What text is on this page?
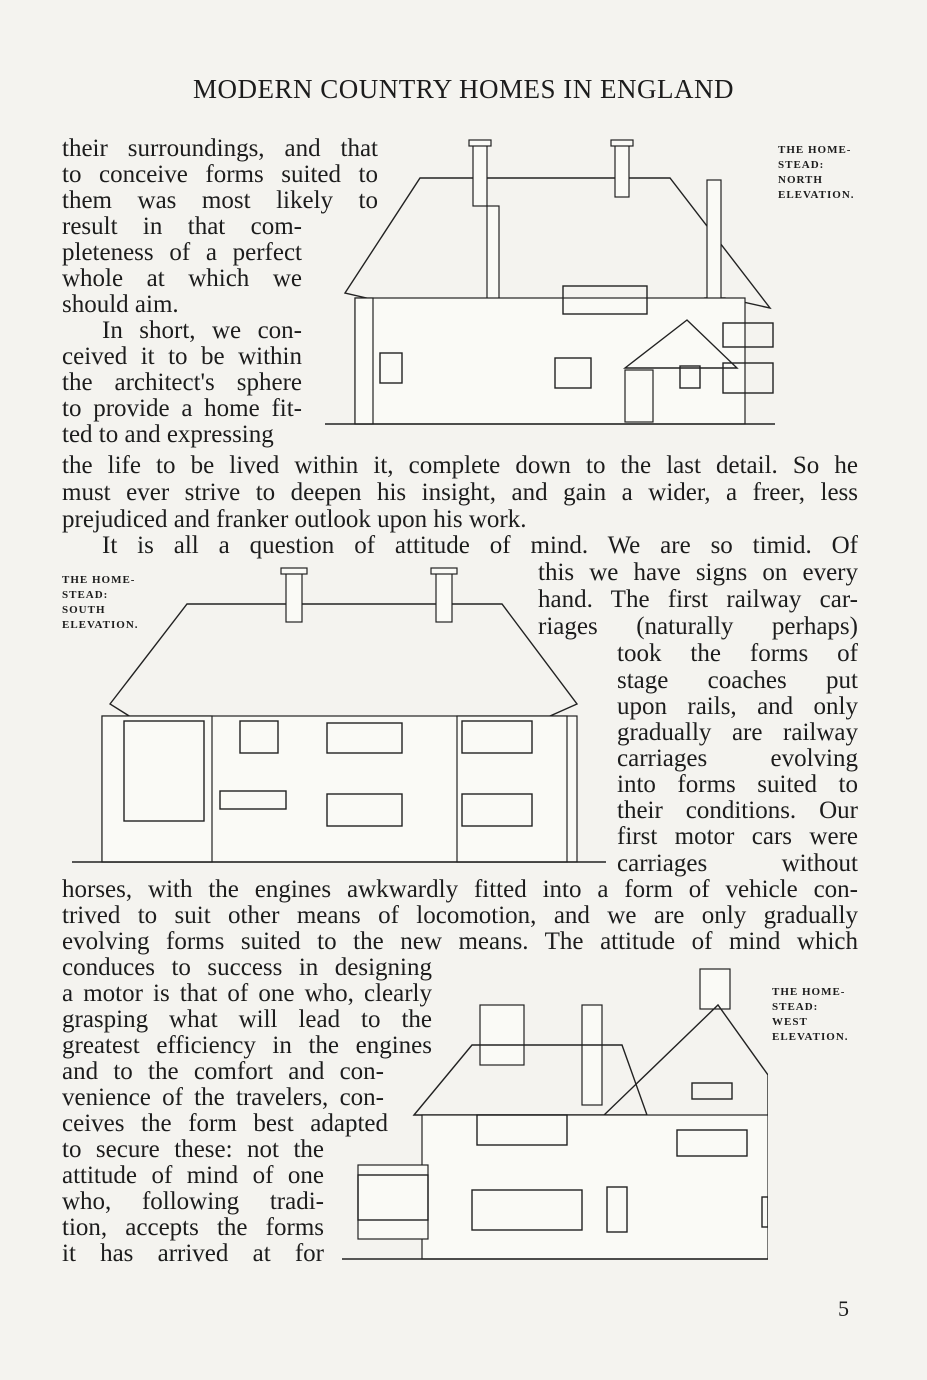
MODERN COUNTRY HOMES IN ENGLAND
their surroundings, and that
to conceive forms suited to
them was most likely to
result in that com-
pleteness of a perfect
whole at which we
should aim.
In short, we con-
ceived it to be within
the architect's sphere
to provide a home fit-
ted to and expressing
the life to be lived within it, complete down to the last detail. So he
must ever strive to deepen his insight, and gain a wider, a freer, less
prejudiced and franker outlook upon his work.
It is all a question of attitude of mind. We are so timid. Of
this we have signs on every
hand. The first railway car-
riages (naturally perhaps)
took the forms of
stage coaches put
upon rails, and only
gradually are railway
carriages evolving
into forms suited to
their conditions. Our
first motor cars were
carriages without
horses, with the engines awkwardly fitted into a form of vehicle con-
trived to suit other means of locomotion, and we are only gradually
evolving forms suited to the new means. The attitude of mind which
conduces to success in designing
a motor is that of one who, clearly
grasping what will lead to the
greatest efficiency in the engines
and to the comfort and con-
venience of the travelers, con-
ceives the form best adapted
to secure these: not the
attitude of mind of one
who, following tradi-
tion, accepts the forms
it has arrived at for
THE HOME-
STEAD:
NORTH
ELEVATION.
THE HOME-
STEAD:
SOUTH
ELEVATION.
THE HOME-
STEAD:
WEST
ELEVATION.
5
